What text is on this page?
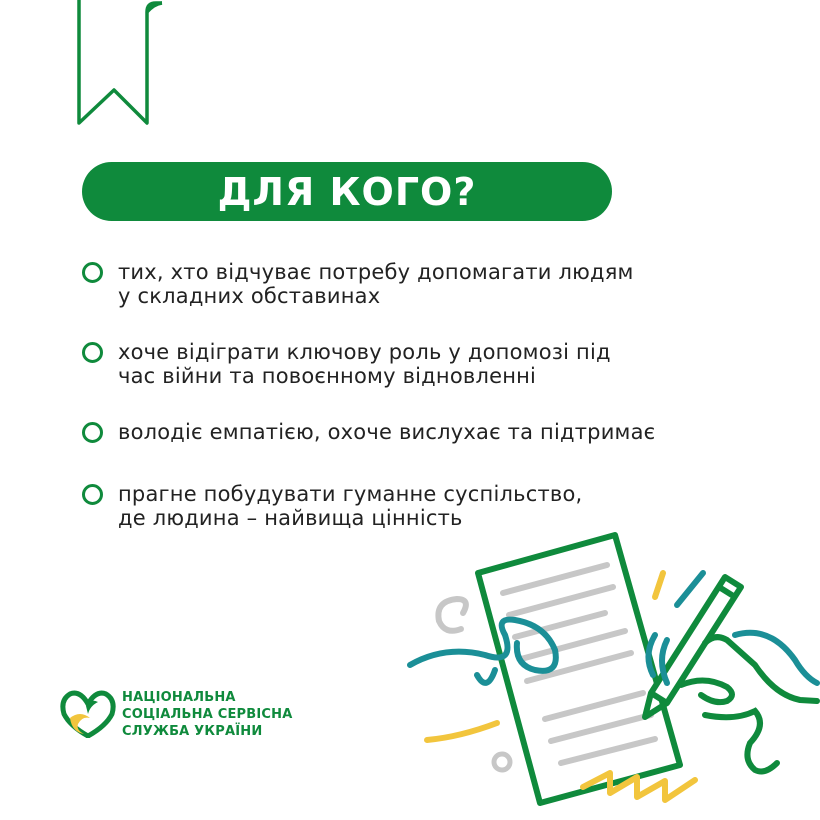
ДЛЯ КОГО?
тих, хто відчуває потребу допомагати людям
у складних обставинах
хоче відіграти ключову роль у допомозі під
час війни та повоєнному відновленні
володіє емпатією, охоче вислухає та підтримає
прагне побудувати гуманне суспільство,
де людина – найвища цінність
НАЦІОНАЛЬНА
СОЦІАЛЬНА СЕРВІСНА
СЛУЖБА УКРАЇНИ
